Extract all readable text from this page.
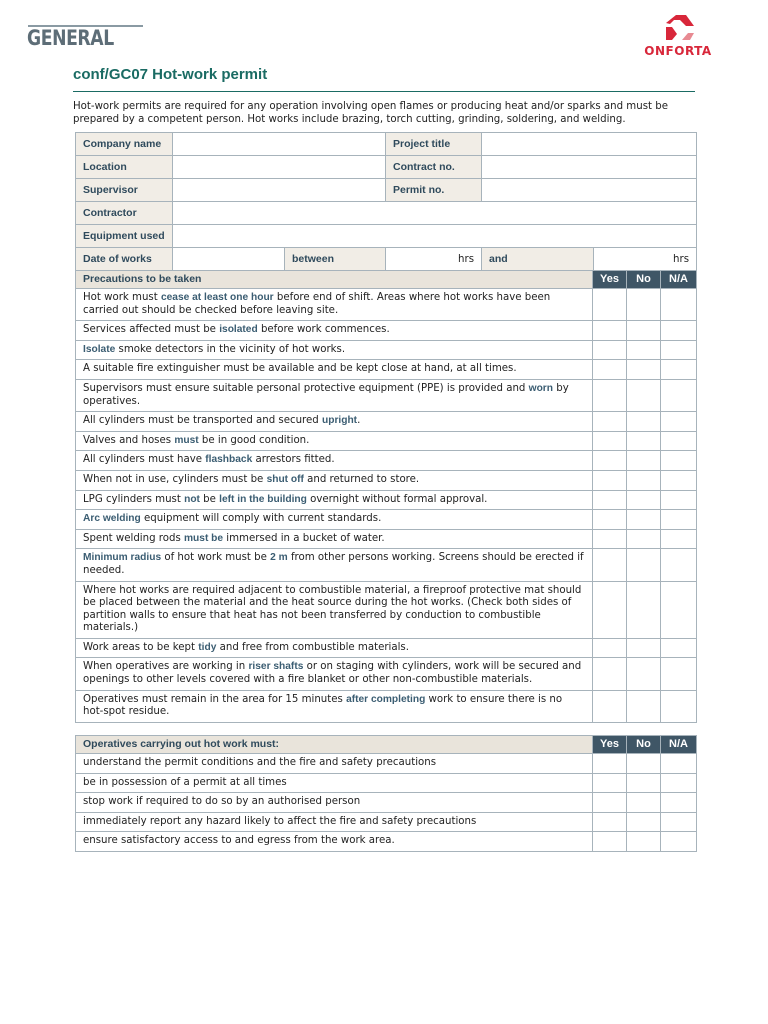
GENERAL
ONFORTA
conf/GC07 Hot-work permit
Hot-work permits are required for any operation involving open flames or producing heat and/or sparks and must be prepared by a competent person. Hot works include brazing, torch cutting, grinding, soldering, and welding.
Company name			Project title		
Location			Contract no.		
Supervisor			Permit no.		
Contractor					
Equipment used					
Date of works		between	hrs	and	hrs
Precautions to be taken	Yes	No	N/A
Hot work must cease at least one hour before end of shift. Areas where hot works have been carried out should be checked before leaving site.			
Services affected must be isolated before work commences.			
Isolate smoke detectors in the vicinity of hot works.			
A suitable fire extinguisher must be available and be kept close at hand, at all times.			
Supervisors must ensure suitable personal protective equipment (PPE) is provided and worn by operatives.			
All cylinders must be transported and secured upright.			
Valves and hoses must be in good condition.			
All cylinders must have flashback arrestors fitted.			
When not in use, cylinders must be shut off and returned to store.			
LPG cylinders must not be left in the building overnight without formal approval.			
Arc welding equipment will comply with current standards.			
Spent welding rods must be immersed in a bucket of water.			
Minimum radius of hot work must be 2 m from other persons working. Screens should be erected if needed.			
Where hot works are required adjacent to combustible material, a fireproof protective mat should be placed between the material and the heat source during the hot works. (Check both sides of partition walls to ensure that heat has not been transferred by conduction to combustible materials.)			
Work areas to be kept tidy and free from combustible materials.			
When operatives are working in riser shafts or on staging with cylinders, work will be secured and openings to other levels covered with a fire blanket or other non-combustible materials.			
Operatives must remain in the area for 15 minutes after completing work to ensure there is no hot-spot residue.			
Operatives carrying out hot work must:	Yes	No	N/A
understand the permit conditions and the fire and safety precautions			
be in possession of a permit at all times			
stop work if required to do so by an authorised person			
immediately report any hazard likely to affect the fire and safety precautions			
ensure satisfactory access to and egress from the work area.			
